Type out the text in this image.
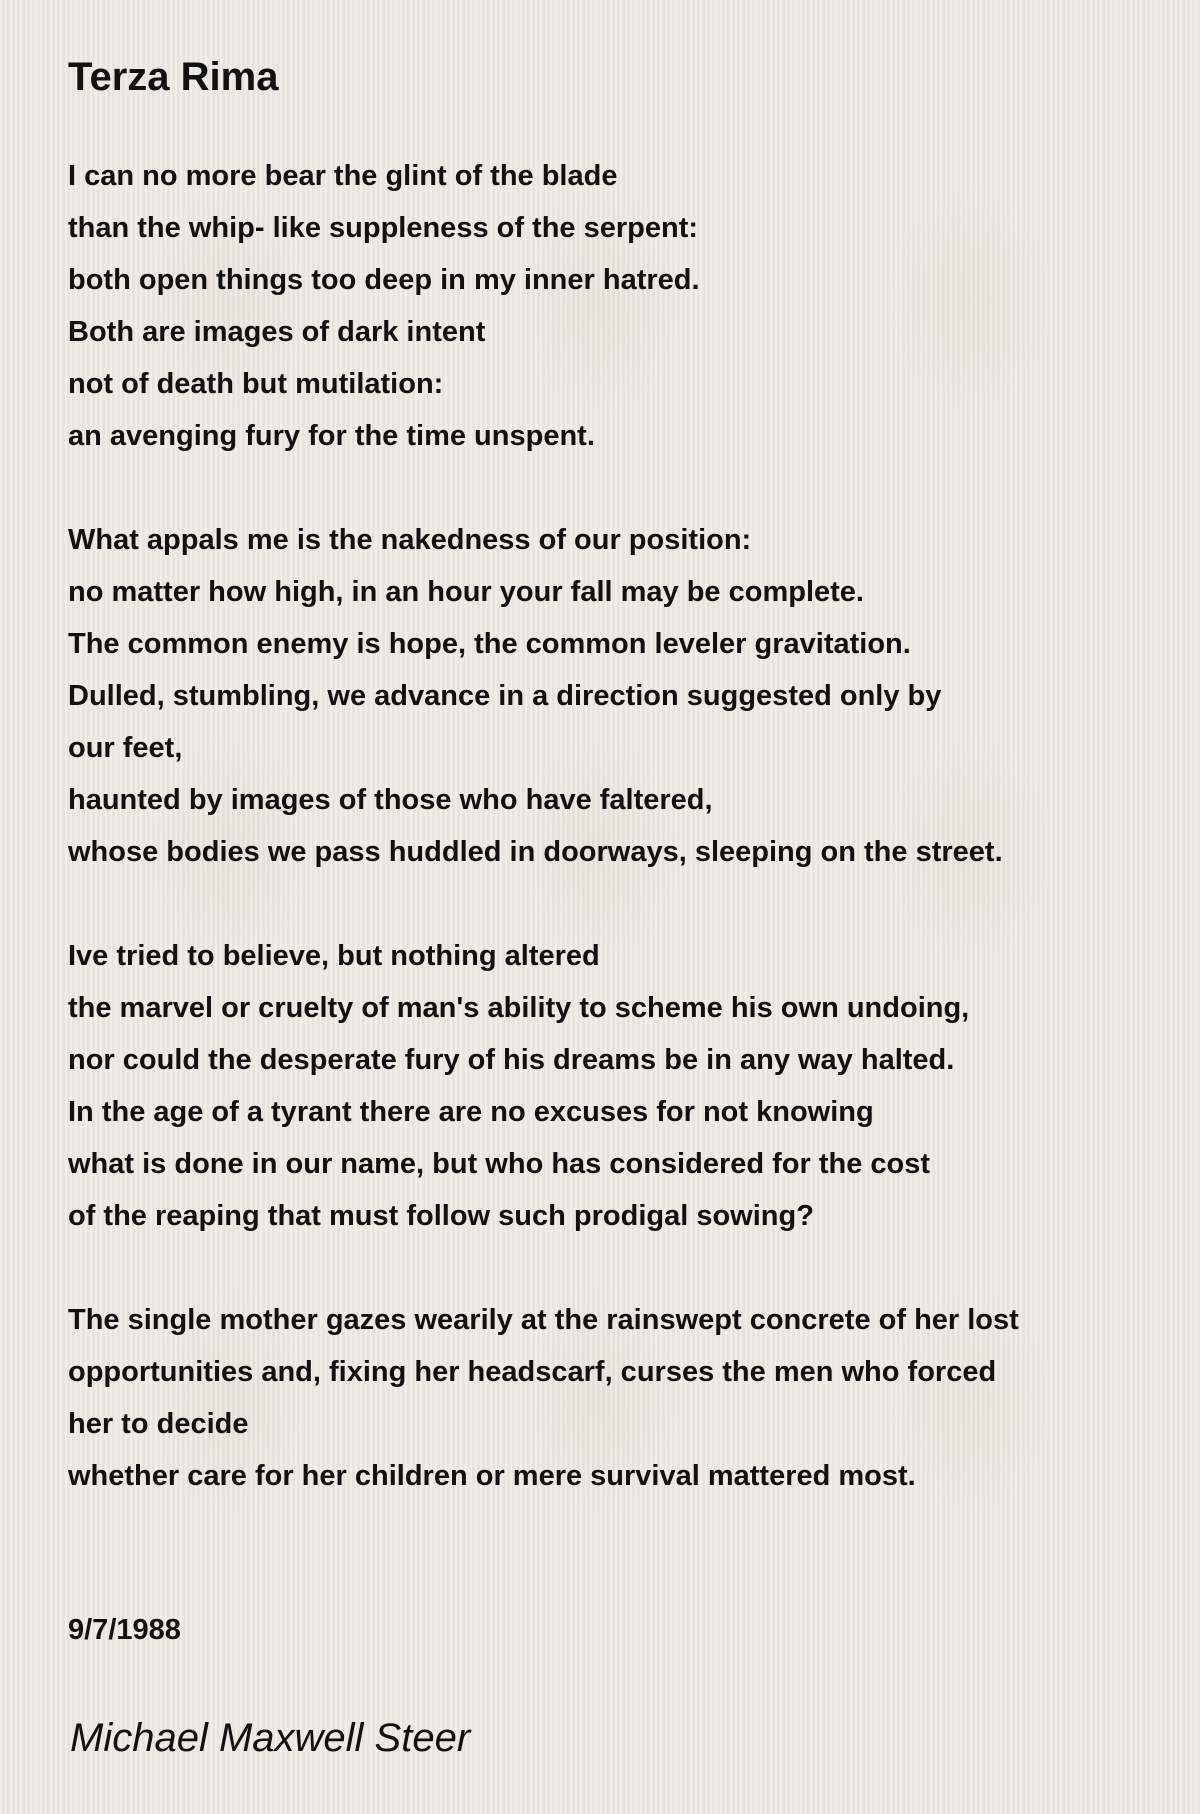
Terza Rima
I can no more bear the glint of the blade
than the whip- like suppleness of the serpent:
both open things too deep in my inner hatred.
Both are images of dark intent
not of death but mutilation:
an avenging fury for the time unspent.
What appals me is the nakedness of our position:
no matter how high, in an hour your fall may be complete.
The common enemy is hope, the common leveler gravitation.
Dulled, stumbling, we advance in a direction suggested only by
our feet,
haunted by images of those who have faltered,
whose bodies we pass huddled in doorways, sleeping on the street.
Ive tried to believe, but nothing altered
the marvel or cruelty of man's ability to scheme his own undoing,
nor could the desperate fury of his dreams be in any way halted.
In the age of a tyrant there are no excuses for not knowing
what is done in our name, but who has considered for the cost
of the reaping that must follow such prodigal sowing?
The single mother gazes wearily at the rainswept concrete of her lost
opportunities and, fixing her headscarf, curses the men who forced
her to decide
whether care for her children or mere survival mattered most.
9/7/1988
Michael Maxwell Steer
